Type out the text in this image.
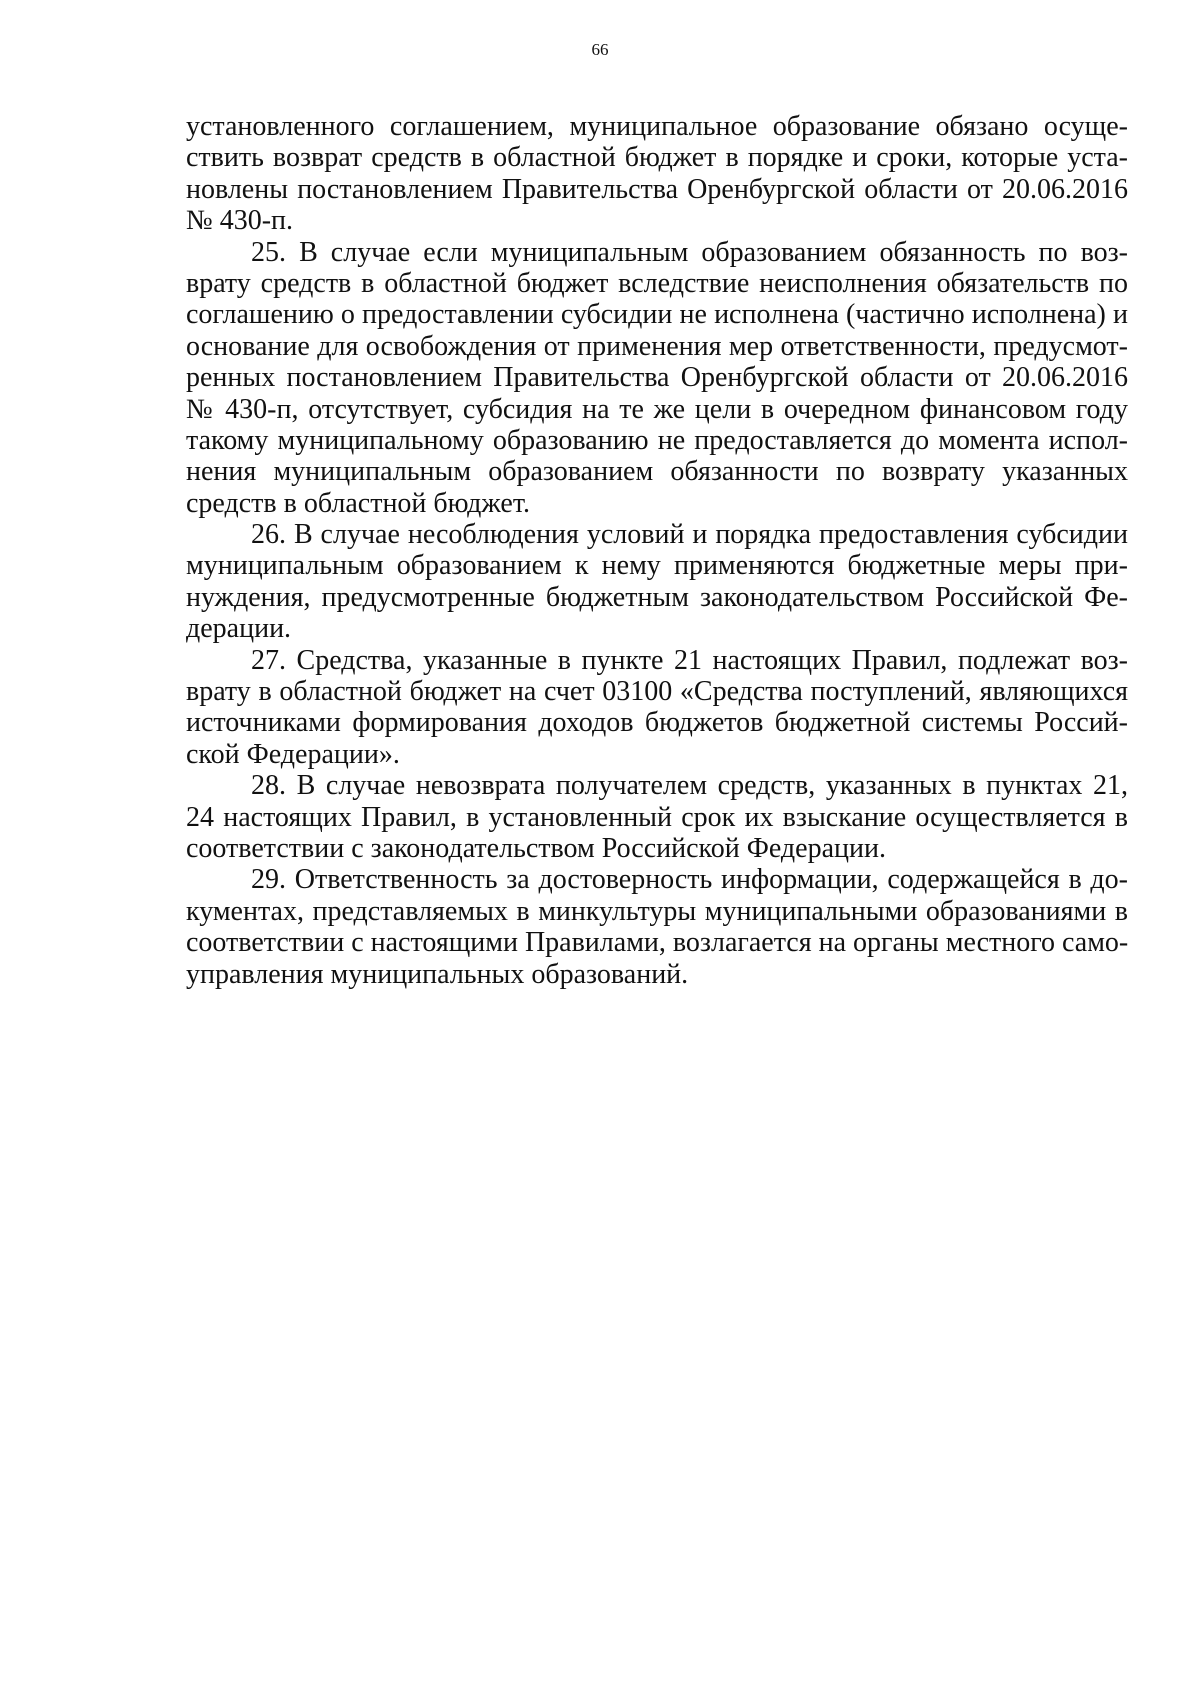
66
установленного соглашением, муниципальное образование обязано осуще-
ствить возврат средств в областной бюджет в порядке и сроки, которые уста-
новлены постановлением Правительства Оренбургской области от 20.06.2016
№ 430-п.
25. В случае если муниципальным образованием обязанность по воз-
врату средств в областной бюджет вследствие неисполнения обязательств по
соглашению о предоставлении субсидии не исполнена (частично исполнена) и
основание для освобождения от применения мер ответственности, предусмот-
ренных постановлением Правительства Оренбургской области от 20.06.2016
№ 430-п, отсутствует, субсидия на те же цели в очередном финансовом году
такому муниципальному образованию не предоставляется до момента испол-
нения муниципальным образованием обязанности по возврату указанных
средств в областной бюджет.
26. В случае несоблюдения условий и порядка предоставления субсидии
муниципальным образованием к нему применяются бюджетные меры при-
нуждения, предусмотренные бюджетным законодательством Российской Фе-
дерации.
27. Средства, указанные в пункте 21 настоящих Правил, подлежат воз-
врату в областной бюджет на счет 03100 «Средства поступлений, являющихся
источниками формирования доходов бюджетов бюджетной системы Россий-
ской Федерации».
28. В случае невозврата получателем средств, указанных в пунктах 21,
24 настоящих Правил, в установленный срок их взыскание осуществляется в
соответствии с законодательством Российской Федерации.
29. Ответственность за достоверность информации, содержащейся в до-
кументах, представляемых в минкультуры муниципальными образованиями в
соответствии с настоящими Правилами, возлагается на органы местного само-
управления муниципальных образований.
